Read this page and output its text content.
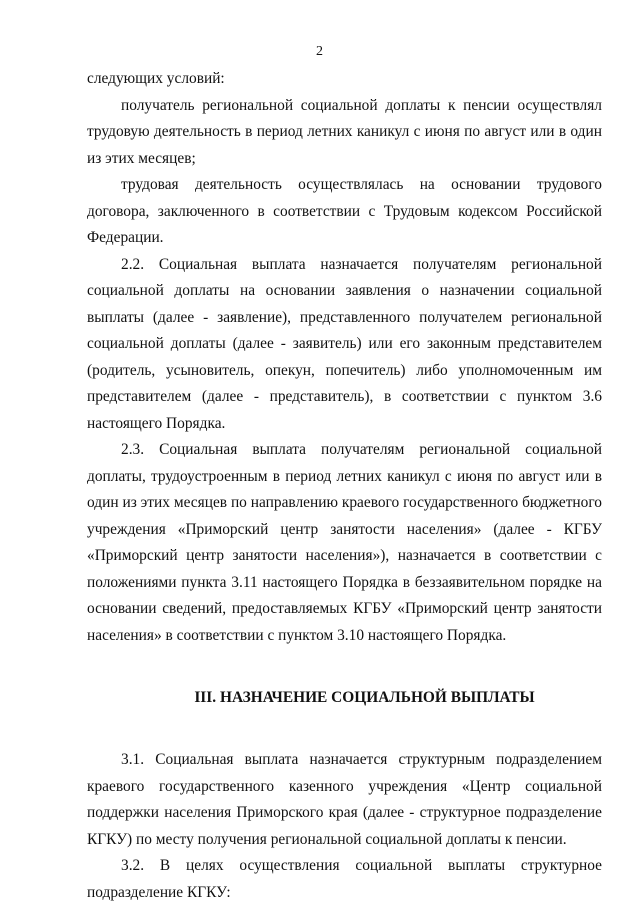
2

следующих условий:

получатель региональной социальной доплаты к пенсии осуществлял трудовую деятельность в период летних каникул с июня по август или в один из этих месяцев;

трудовая деятельность осуществлялась на основании трудового договора, заключенного в соответствии с Трудовым кодексом Российской Федерации.

2.2. Социальная выплата назначается получателям региональной социальной доплаты на основании заявления о назначении социальной выплаты (далее - заявление), представленного получателем региональной социальной доплаты (далее - заявитель) или его законным представителем (родитель, усыновитель, опекун, попечитель) либо уполномоченным им представителем (далее - представитель), в соответствии с пунктом 3.6 настоящего Порядка.

2.3. Социальная выплата получателям региональной социальной доплаты, трудоустроенным в период летних каникул с июня по август или в один из этих месяцев по направлению краевого государственного бюджетного учреждения «Приморский центр занятости населения» (далее - КГБУ «Приморский центр занятости населения»), назначается в соответствии с положениями пункта 3.11 настоящего Порядка в беззаявительном порядке на основании сведений, предоставляемых КГБУ «Приморский центр занятости населения» в соответствии с пунктом 3.10 настоящего Порядка.

III. НАЗНАЧЕНИЕ СОЦИАЛЬНОЙ ВЫПЛАТЫ

3.1. Социальная выплата назначается структурным подразделением краевого государственного казенного учреждения «Центр социальной поддержки населения Приморского края (далее - структурное подразделение КГКУ) по месту получения региональной социальной доплаты к пенсии.

3.2. В целях осуществления социальной выплаты структурное подразделение КГКУ:
